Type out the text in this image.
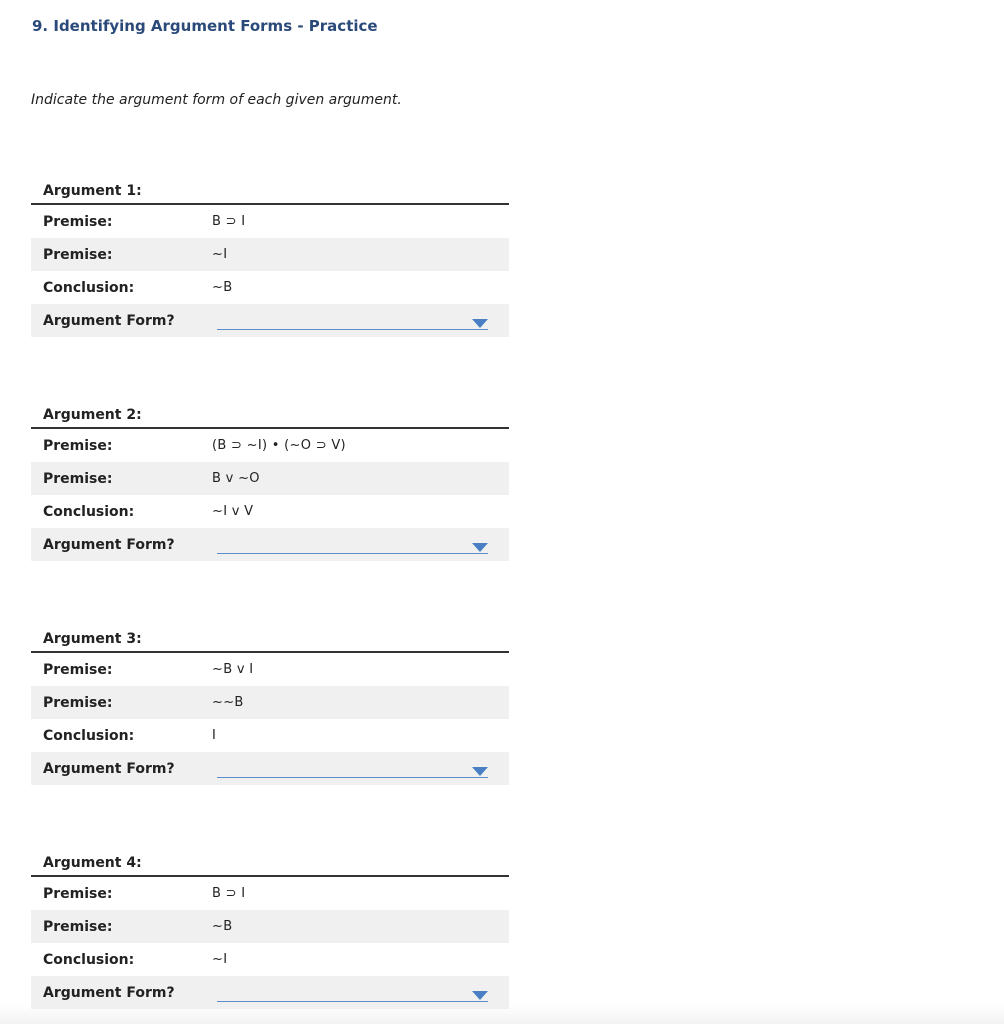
9. Identifying Argument Forms - Practice

Indicate the argument form of each given argument.

Argument 1:
Premise:	B ⊃ I
Premise:	~I
Conclusion:	~B
Argument Form?
Argument 2:
Premise:	(B ⊃ ~I) • (~O ⊃ V)
Premise:	B v ~O
Conclusion:	~I v V
Argument Form?
Argument 3:
Premise:	~B v I
Premise:	~~B
Conclusion:	I
Argument Form?
Argument 4:
Premise:	B ⊃ I
Premise:	~B
Conclusion:	~I
Argument Form?
